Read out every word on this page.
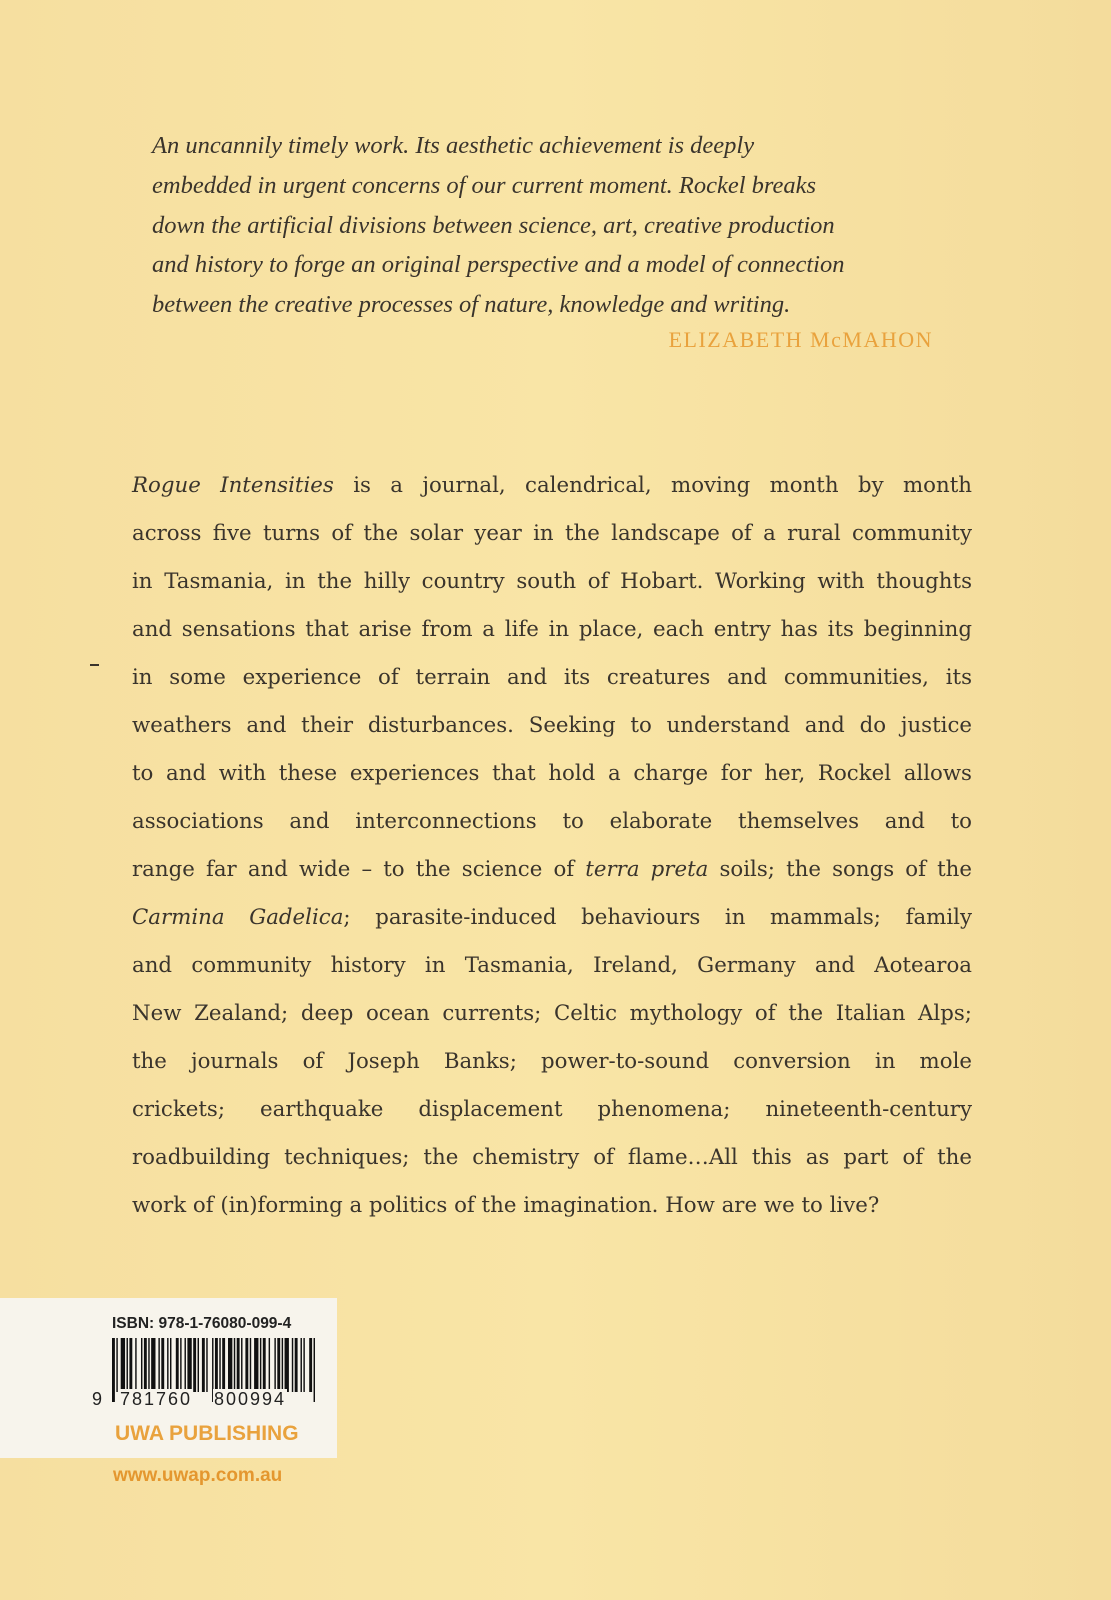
An uncannily timely work. Its aesthetic achievement is deeply
embedded in urgent concerns of our current moment. Rockel breaks
down the artificial divisions between science, art, creative production
and history to forge an original perspective and a model of connection
between the creative processes of nature, knowledge and writing.
ELIZABETH McMAHON
Rogue Intensities is a journal, calendrical, moving month by month
across five turns of the solar year in the landscape of a rural community
in Tasmania, in the hilly country south of Hobart. Working with thoughts
and sensations that arise from a life in place, each entry has its beginning
in some experience of terrain and its creatures and communities, its
weathers and their disturbances. Seeking to understand and do justice
to and with these experiences that hold a charge for her, Rockel allows
associations and interconnections to elaborate themselves and to
range far and wide – to the science of terra preta soils; the songs of the
Carmina Gadelica; parasite-induced behaviours in mammals; family
and community history in Tasmania, Ireland, Germany and Aotearoa
New Zealand; deep ocean currents; Celtic mythology of the Italian Alps;
the journals of Joseph Banks; power-to-sound conversion in mole
crickets; earthquake displacement phenomena; nineteenth-century
roadbuilding techniques; the chemistry of flame…All this as part of the
work of (in)forming a politics of the imagination. How are we to live?
ISBN: 978-1-76080-099-4
9 781760 800994
UWA PUBLISHING
www.uwap.com.au
